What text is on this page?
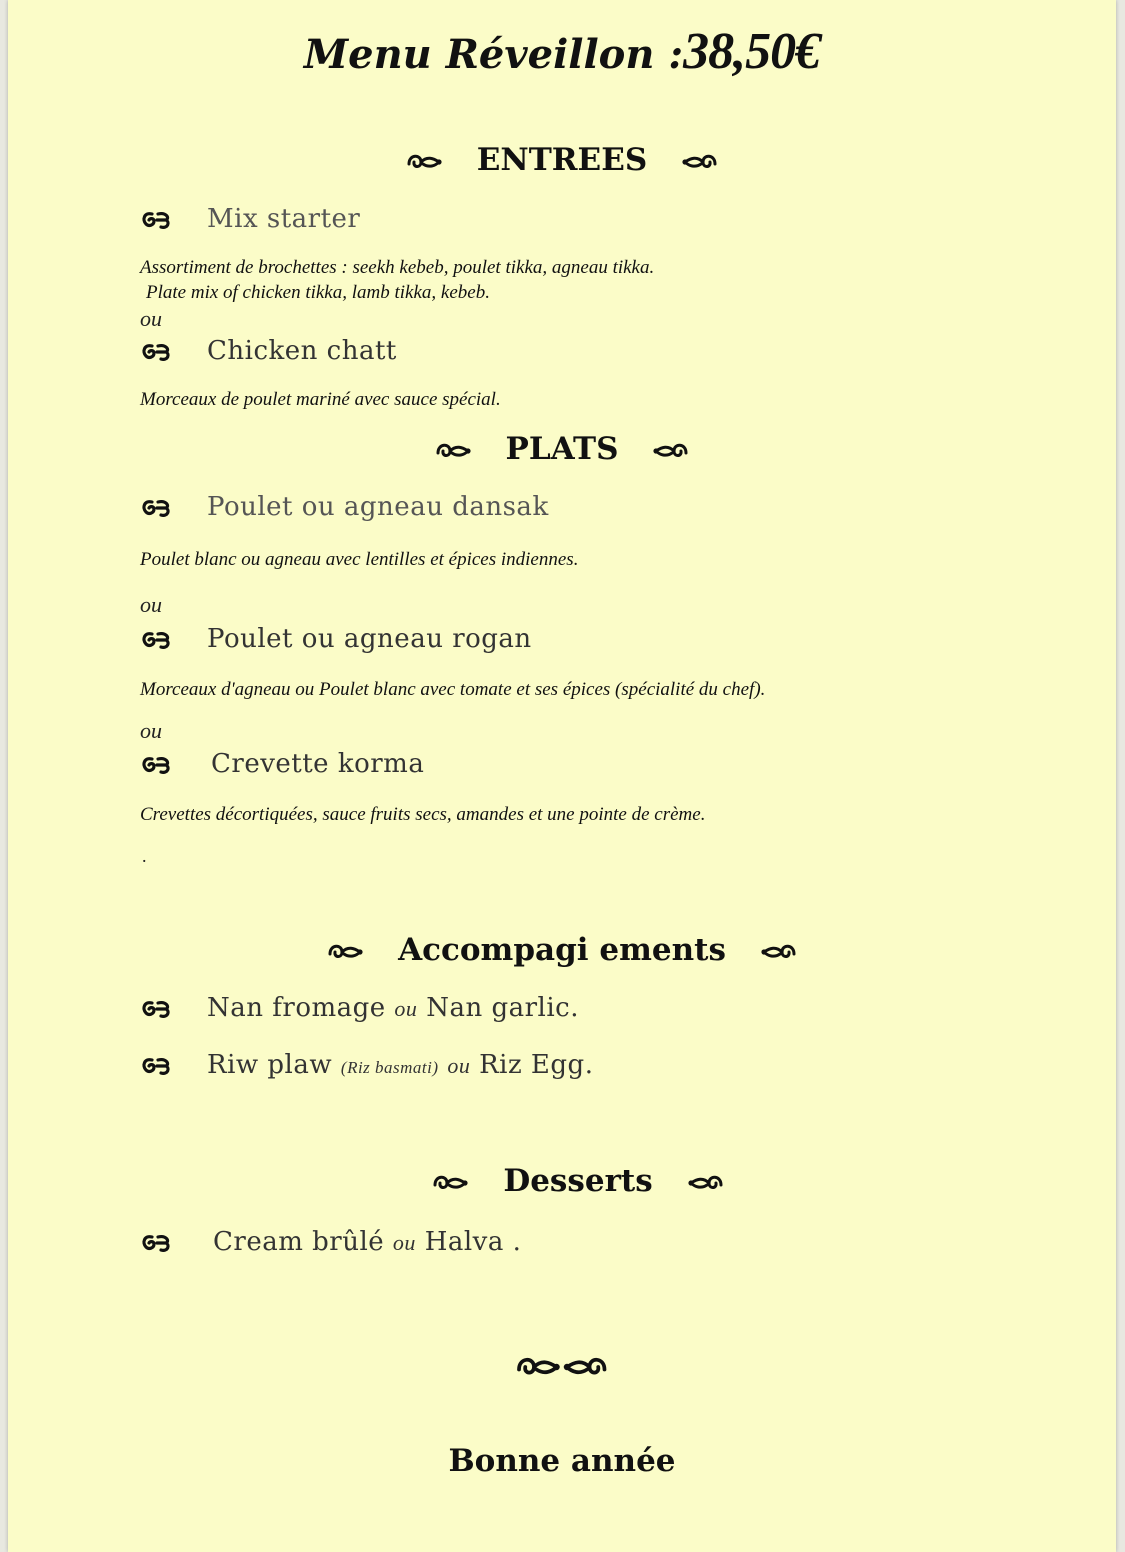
Menu Réveillon :38,50€
ENTREES
Mix starter
Assortiment de brochettes : seekh kebeb, poulet tikka, agneau tikka.
Plate mix of chicken tikka, lamb tikka, kebeb.
ou
Chicken chatt
Morceaux de poulet mariné avec sauce spécial.
PLATS
Poulet ou agneau dansak
Poulet blanc ou agneau avec lentilles et épices indiennes.
ou
Poulet ou agneau rogan
Morceaux d'agneau ou Poulet blanc avec tomate et ses épices (spécialité du chef).
ou
Crevette korma
Crevettes décortiquées, sauce fruits secs, amandes et une pointe de crème.
.
Accompagi ements
Nan fromage ou Nan garlic.
Riw plaw (Riz basmati) ou Riz Egg.
Desserts
Cream brûlé ou Halva .
Bonne année
